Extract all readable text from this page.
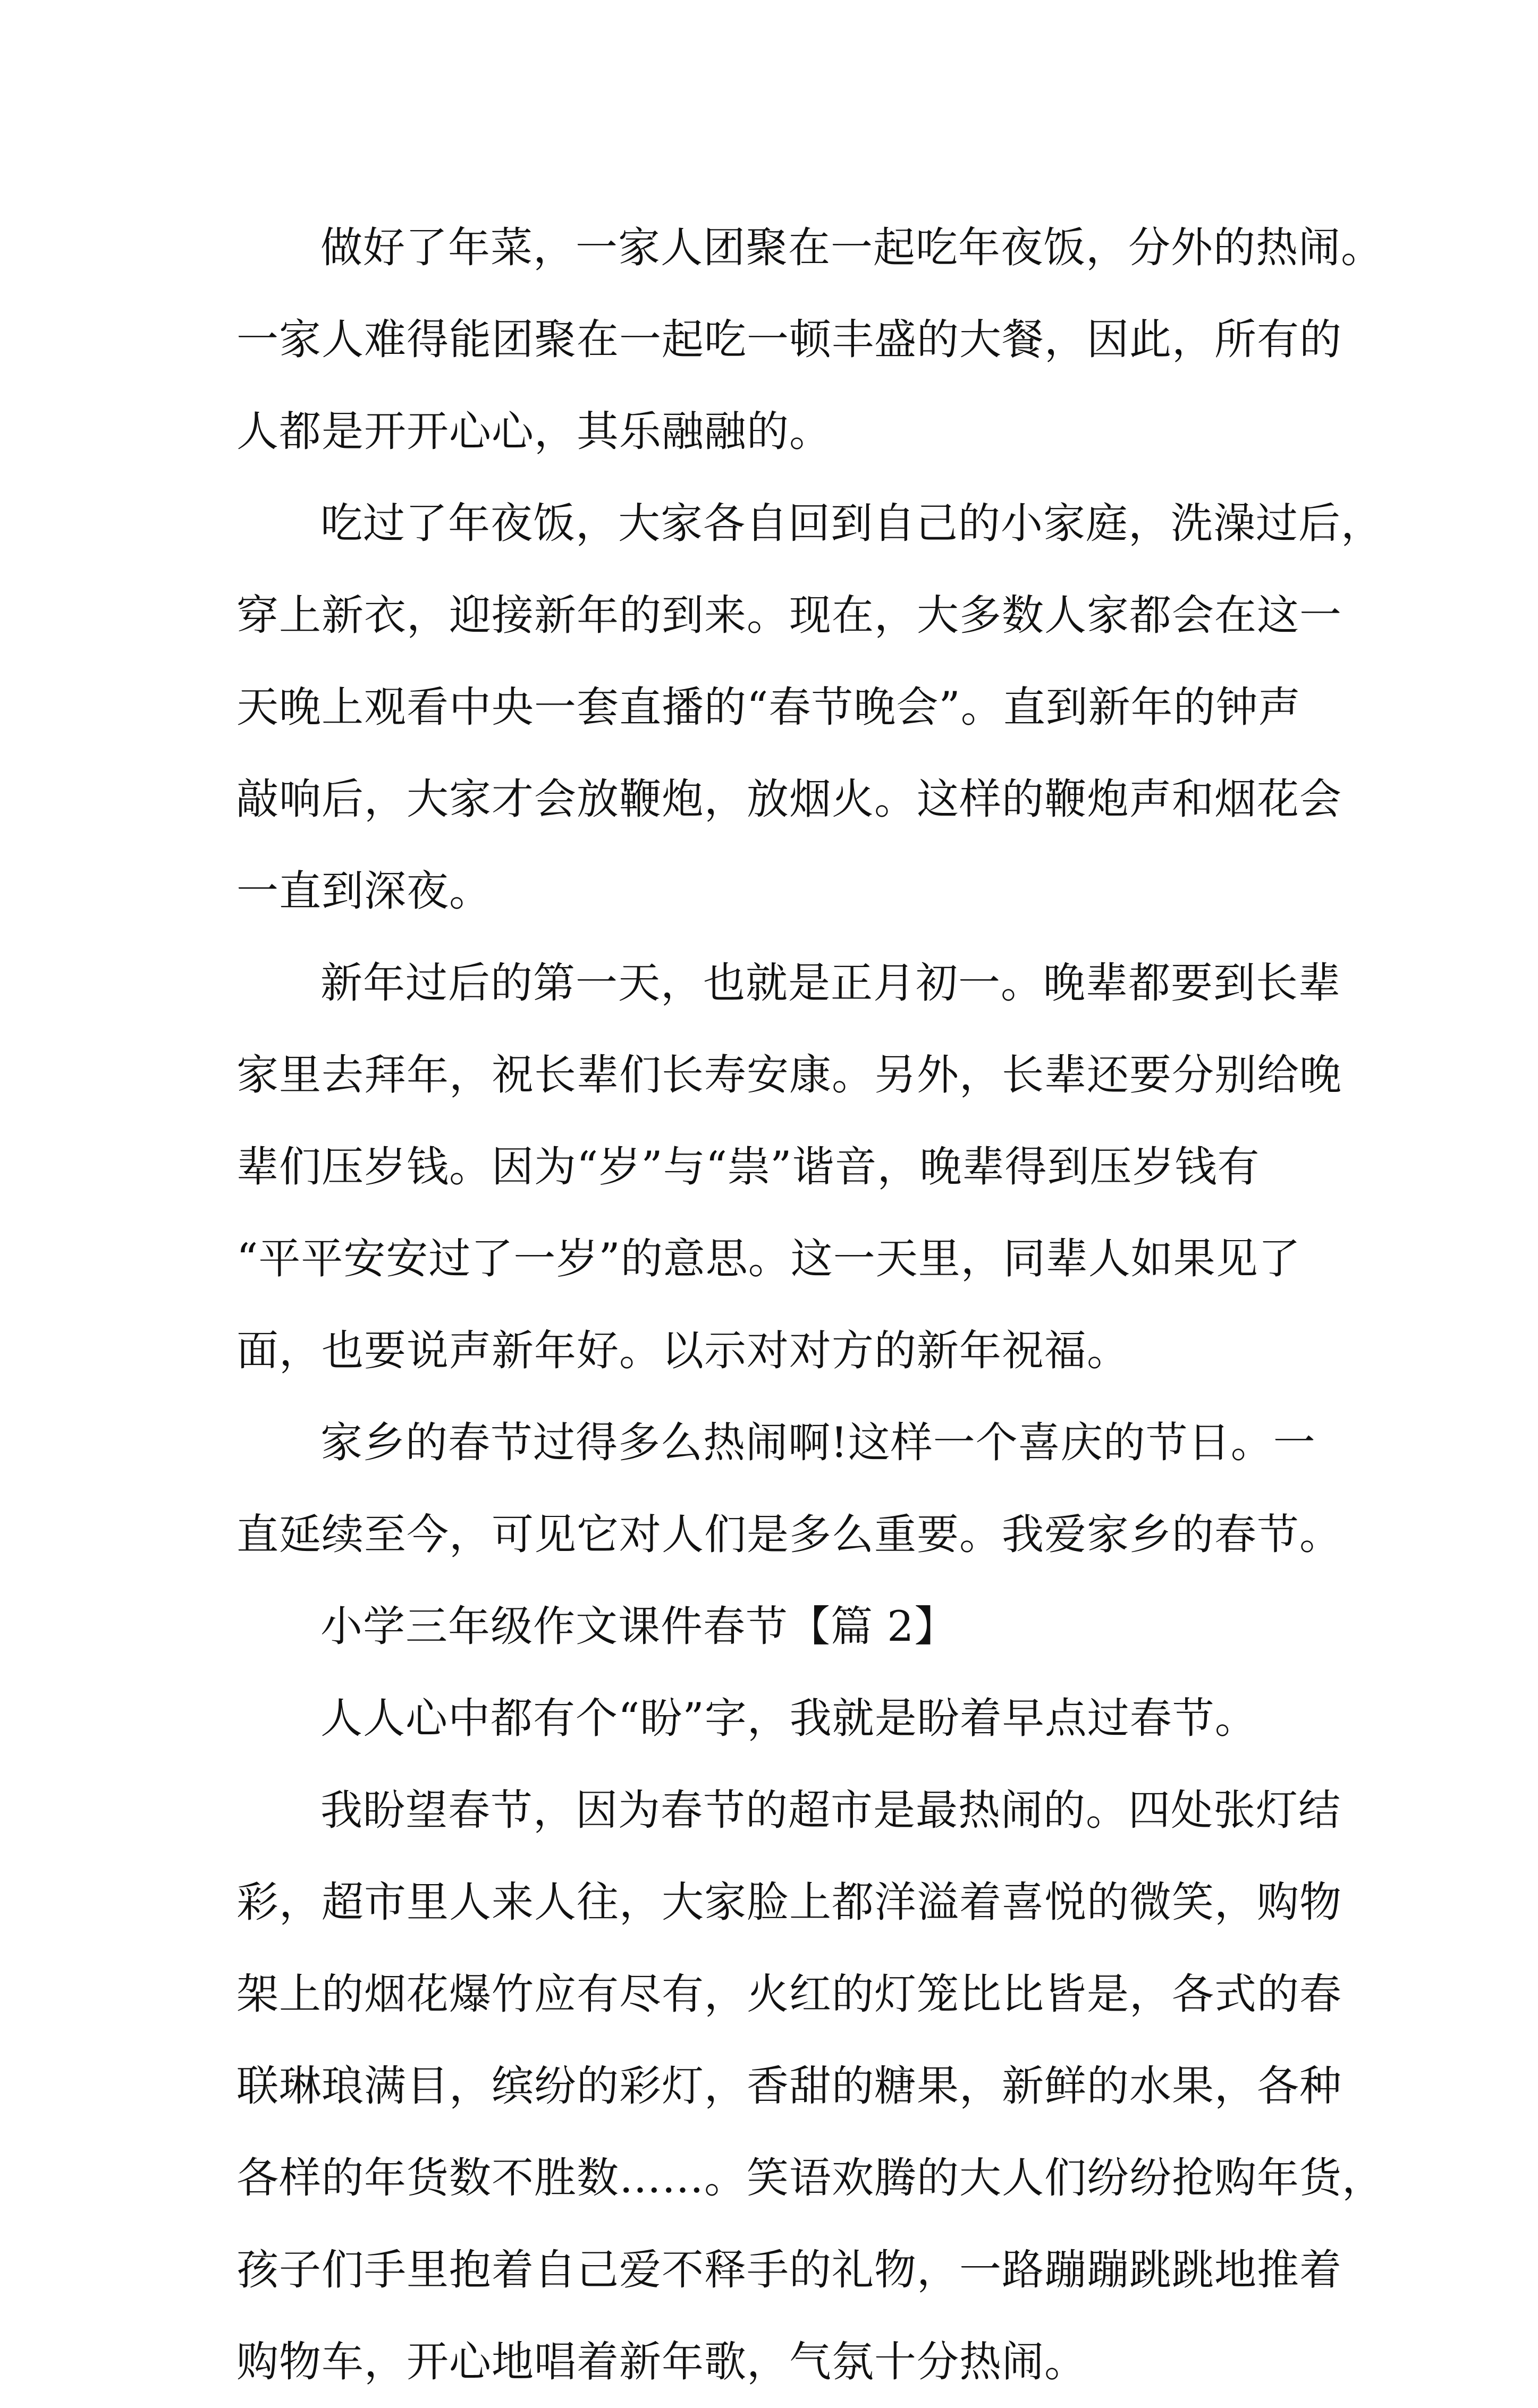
做好了年菜，一家人团聚在一起吃年夜饭，分外的热闹。
一家人难得能团聚在一起吃一顿丰盛的大餐，因此，所有的
人都是开开心心，其乐融融的。
吃过了年夜饭，大家各自回到自己的小家庭，洗澡过后，
穿上新衣，迎接新年的到来。现在，大多数人家都会在这一
天晚上观看中央一套直播的“春节晚会”。直到新年的钟声
敲响后，大家才会放鞭炮，放烟火。这样的鞭炮声和烟花会
一直到深夜。
新年过后的第一天，也就是正月初一。晚辈都要到长辈
家里去拜年，祝长辈们长寿安康。另外，长辈还要分别给晚
辈们压岁钱。因为“岁”与“祟”谐音，晚辈得到压岁钱有
“平平安安过了一岁”的意思。这一天里，同辈人如果见了
面，也要说声新年好。以示对对方的新年祝福。
家乡的春节过得多么热闹啊!这样一个喜庆的节日。一
直延续至今，可见它对人们是多么重要。我爱家乡的春节。
小学三年级作文课件春节【篇 2】
人人心中都有个“盼”字，我就是盼着早点过春节。
我盼望春节，因为春节的超市是最热闹的。四处张灯结
彩，超市里人来人往，大家脸上都洋溢着喜悦的微笑，购物
架上的烟花爆竹应有尽有，火红的灯笼比比皆是，各式的春
联琳琅满目，缤纷的彩灯，香甜的糖果，新鲜的水果，各种
各样的年货数不胜数……。笑语欢腾的大人们纷纷抢购年货，
孩子们手里抱着自己爱不释手的礼物，一路蹦蹦跳跳地推着
购物车，开心地唱着新年歌，气氛十分热闹。
